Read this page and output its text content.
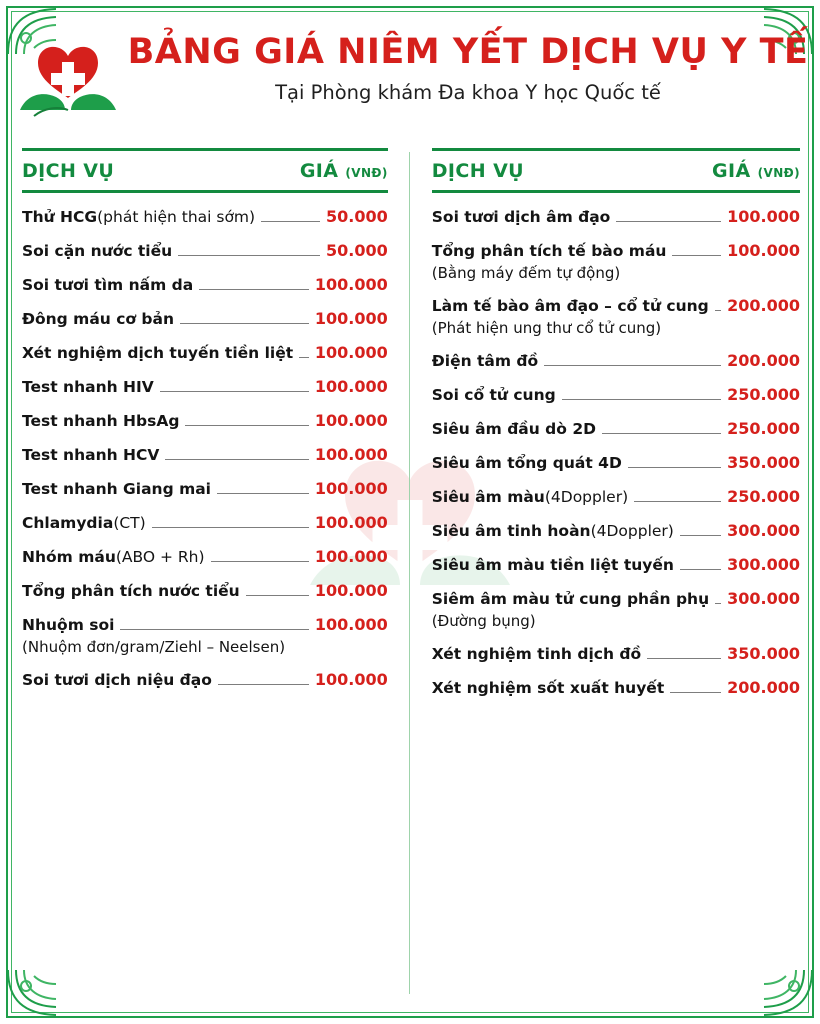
BẢNG GIÁ NIÊM YẾT DỊCH VỤ Y TẾ
Tại Phòng khám Đa khoa Y học Quốc tế
DỊCH VỤ	GIÁ (VNĐ)
Thử HCG (phát hiện thai sớm)	50.000
Soi cặn nước tiểu	50.000
Soi tươi tìm nấm da	100.000
Đông máu cơ bản	100.000
Xét nghiệm dịch tuyến tiền liệt 100.000
Test nhanh HIV	100.000
Test nhanh HbsAg	100.000
Test nhanh HCV	100.000
Test nhanh Giang mai	100.000
Chlamydia (CT)	100.000
Nhóm máu (ABO + Rh)	100.000
Tổng phân tích nước tiểu	100.000
Nhuộm soi	100.000
(Nhuộm đơn/gram/Ziehl – Neelsen)
Soi tươi dịch niệu đạo	100.000
DỊCH VỤ	GIÁ (VNĐ)
Soi tươi dịch âm đạo	100.000
Tổng phân tích tế bào máu	100.000
(Bằng máy đếm tự động)
Làm tế bào âm đạo – cổ tử cung 200.000
(Phát hiện ung thư cổ tử cung)
Điện tâm đồ	200.000
Soi cổ tử cung	250.000
Siêu âm đầu dò 2D	250.000
Siêu âm tổng quát 4D	350.000
Siêu âm màu (4Doppler)	250.000
Siêu âm tinh hoàn (4Doppler)	300.000
Siêu âm màu tiền liệt tuyến	300.000
Siêm âm màu tử cung phần phụ 300.000
(Đường bụng)
Xét nghiệm tinh dịch đồ	350.000
Xét nghiệm sốt xuất huyết	200.000
